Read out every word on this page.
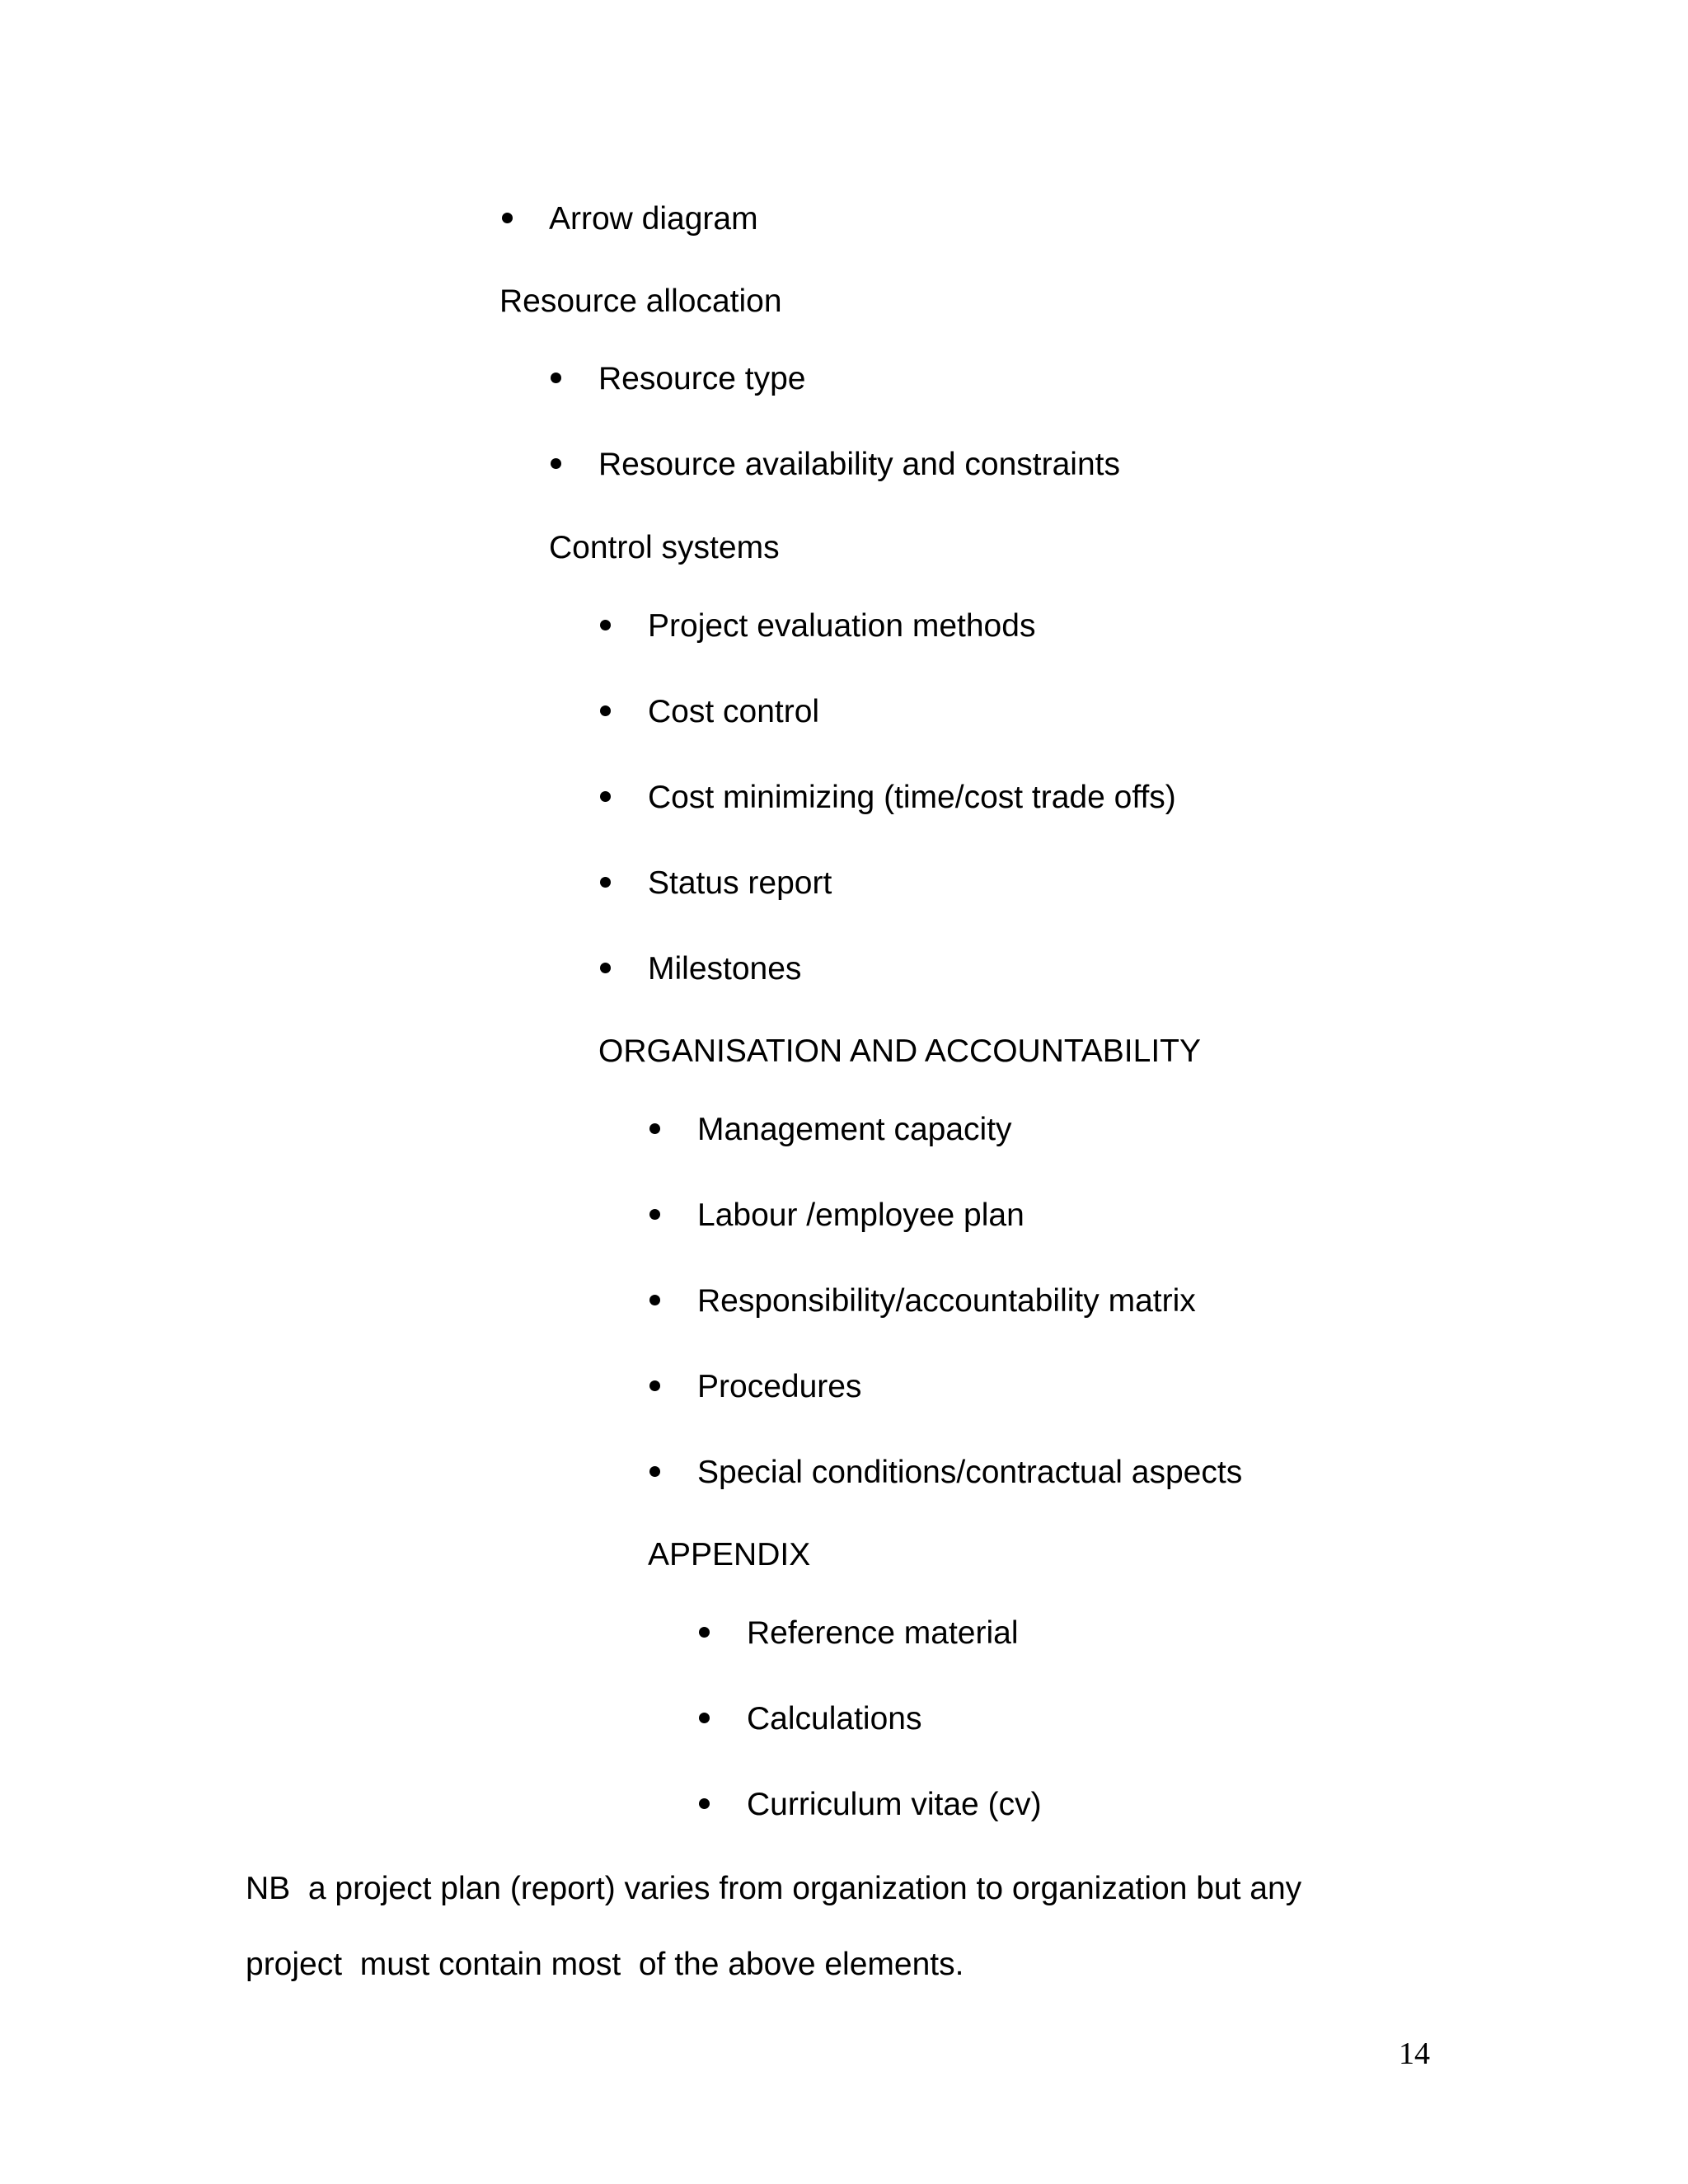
Arrow diagram
Resource allocation
Resource type
Resource availability and constraints
Control systems
Project evaluation methods
Cost control
Cost minimizing (time/cost trade offs)
Status report
Milestones
ORGANISATION AND ACCOUNTABILITY
Management capacity
Labour /employee plan
Responsibility/accountability matrix
Procedures
Special conditions/contractual aspects
APPENDIX
Reference material
Calculations
Curriculum vitae (cv)
NB  a project plan (report) varies from organization to organization but any
project  must contain most  of the above elements.
14
